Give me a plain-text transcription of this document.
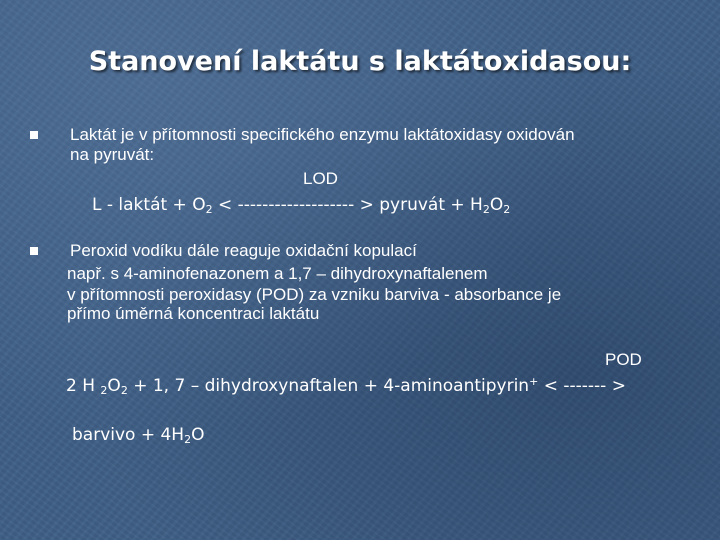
Stanovení laktátu s laktátoxidasou:
Laktát je v přítomnosti specifického enzymu laktátoxidasy oxidován
na pyruvát:
LOD
L - laktát + $O_2$ < ------------------- > pyruvát + $H_2O_2$
Peroxid vodíku dále reaguje oxidační kopulací
např. s 4-aminofenazonem a 1,7 – dihydroxynaftalenem
v přítomnosti peroxidasy (POD) za vzniku barviva - absorbance je
přímo úměrná koncentraci laktátu
POD
2 H $_2O_2 + 1$, 7 – dihydroxynaftalen + 4-aminoantipyrin+ < ------- >
barvivo + $4H_2O$
